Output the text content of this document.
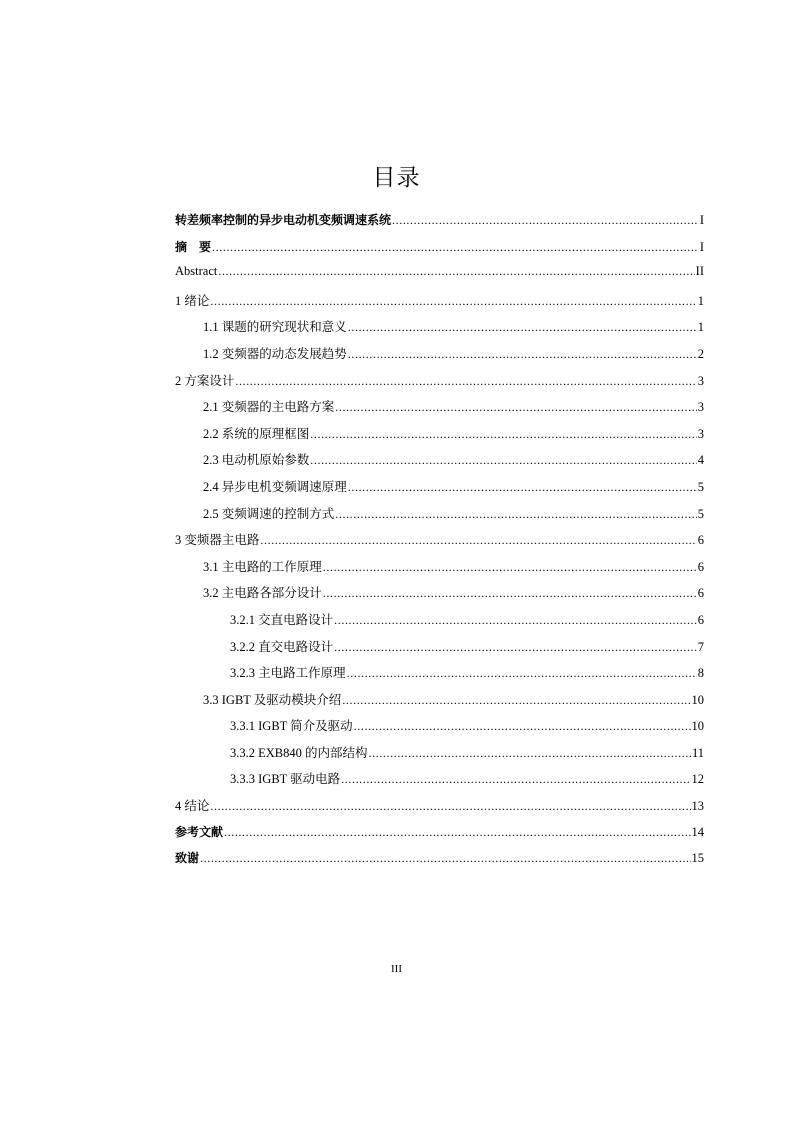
目录
转差频率控制的异步电动机变频调速系统 .....	I
摘　要 .....	I
Abstract .....	II
1 绪论 .....	1
1.1 课题的研究现状和意义 .....	1
1.2 变频器的动态发展趋势 .....	2
2 方案设计 .....	3
2.1 变频器的主电路方案 .....	3
2.2 系统的原理框图 .....	3
2.3 电动机原始参数 .....	4
2.4 异步电机变频调速原理 .....	5
2.5 变频调速的控制方式 .....	5
3 变频器主电路 .....	6
3.1 主电路的工作原理 .....	6
3.2 主电路各部分设计 .....	6
3.2.1 交直电路设计 .....	6
3.2.2 直交电路设计 .....	7
3.2.3 主电路工作原理 .....	8
3.3 IGBT 及驱动模块介绍 .....	10
3.3.1 IGBT 简介及驱动 .....	10
3.3.2 EXB840 的内部结构 .....	11
3.3.3 IGBT 驱动电路 .....	12
4 结论 .....	13
参考文献 .....	14
致谢 .....	15
III
